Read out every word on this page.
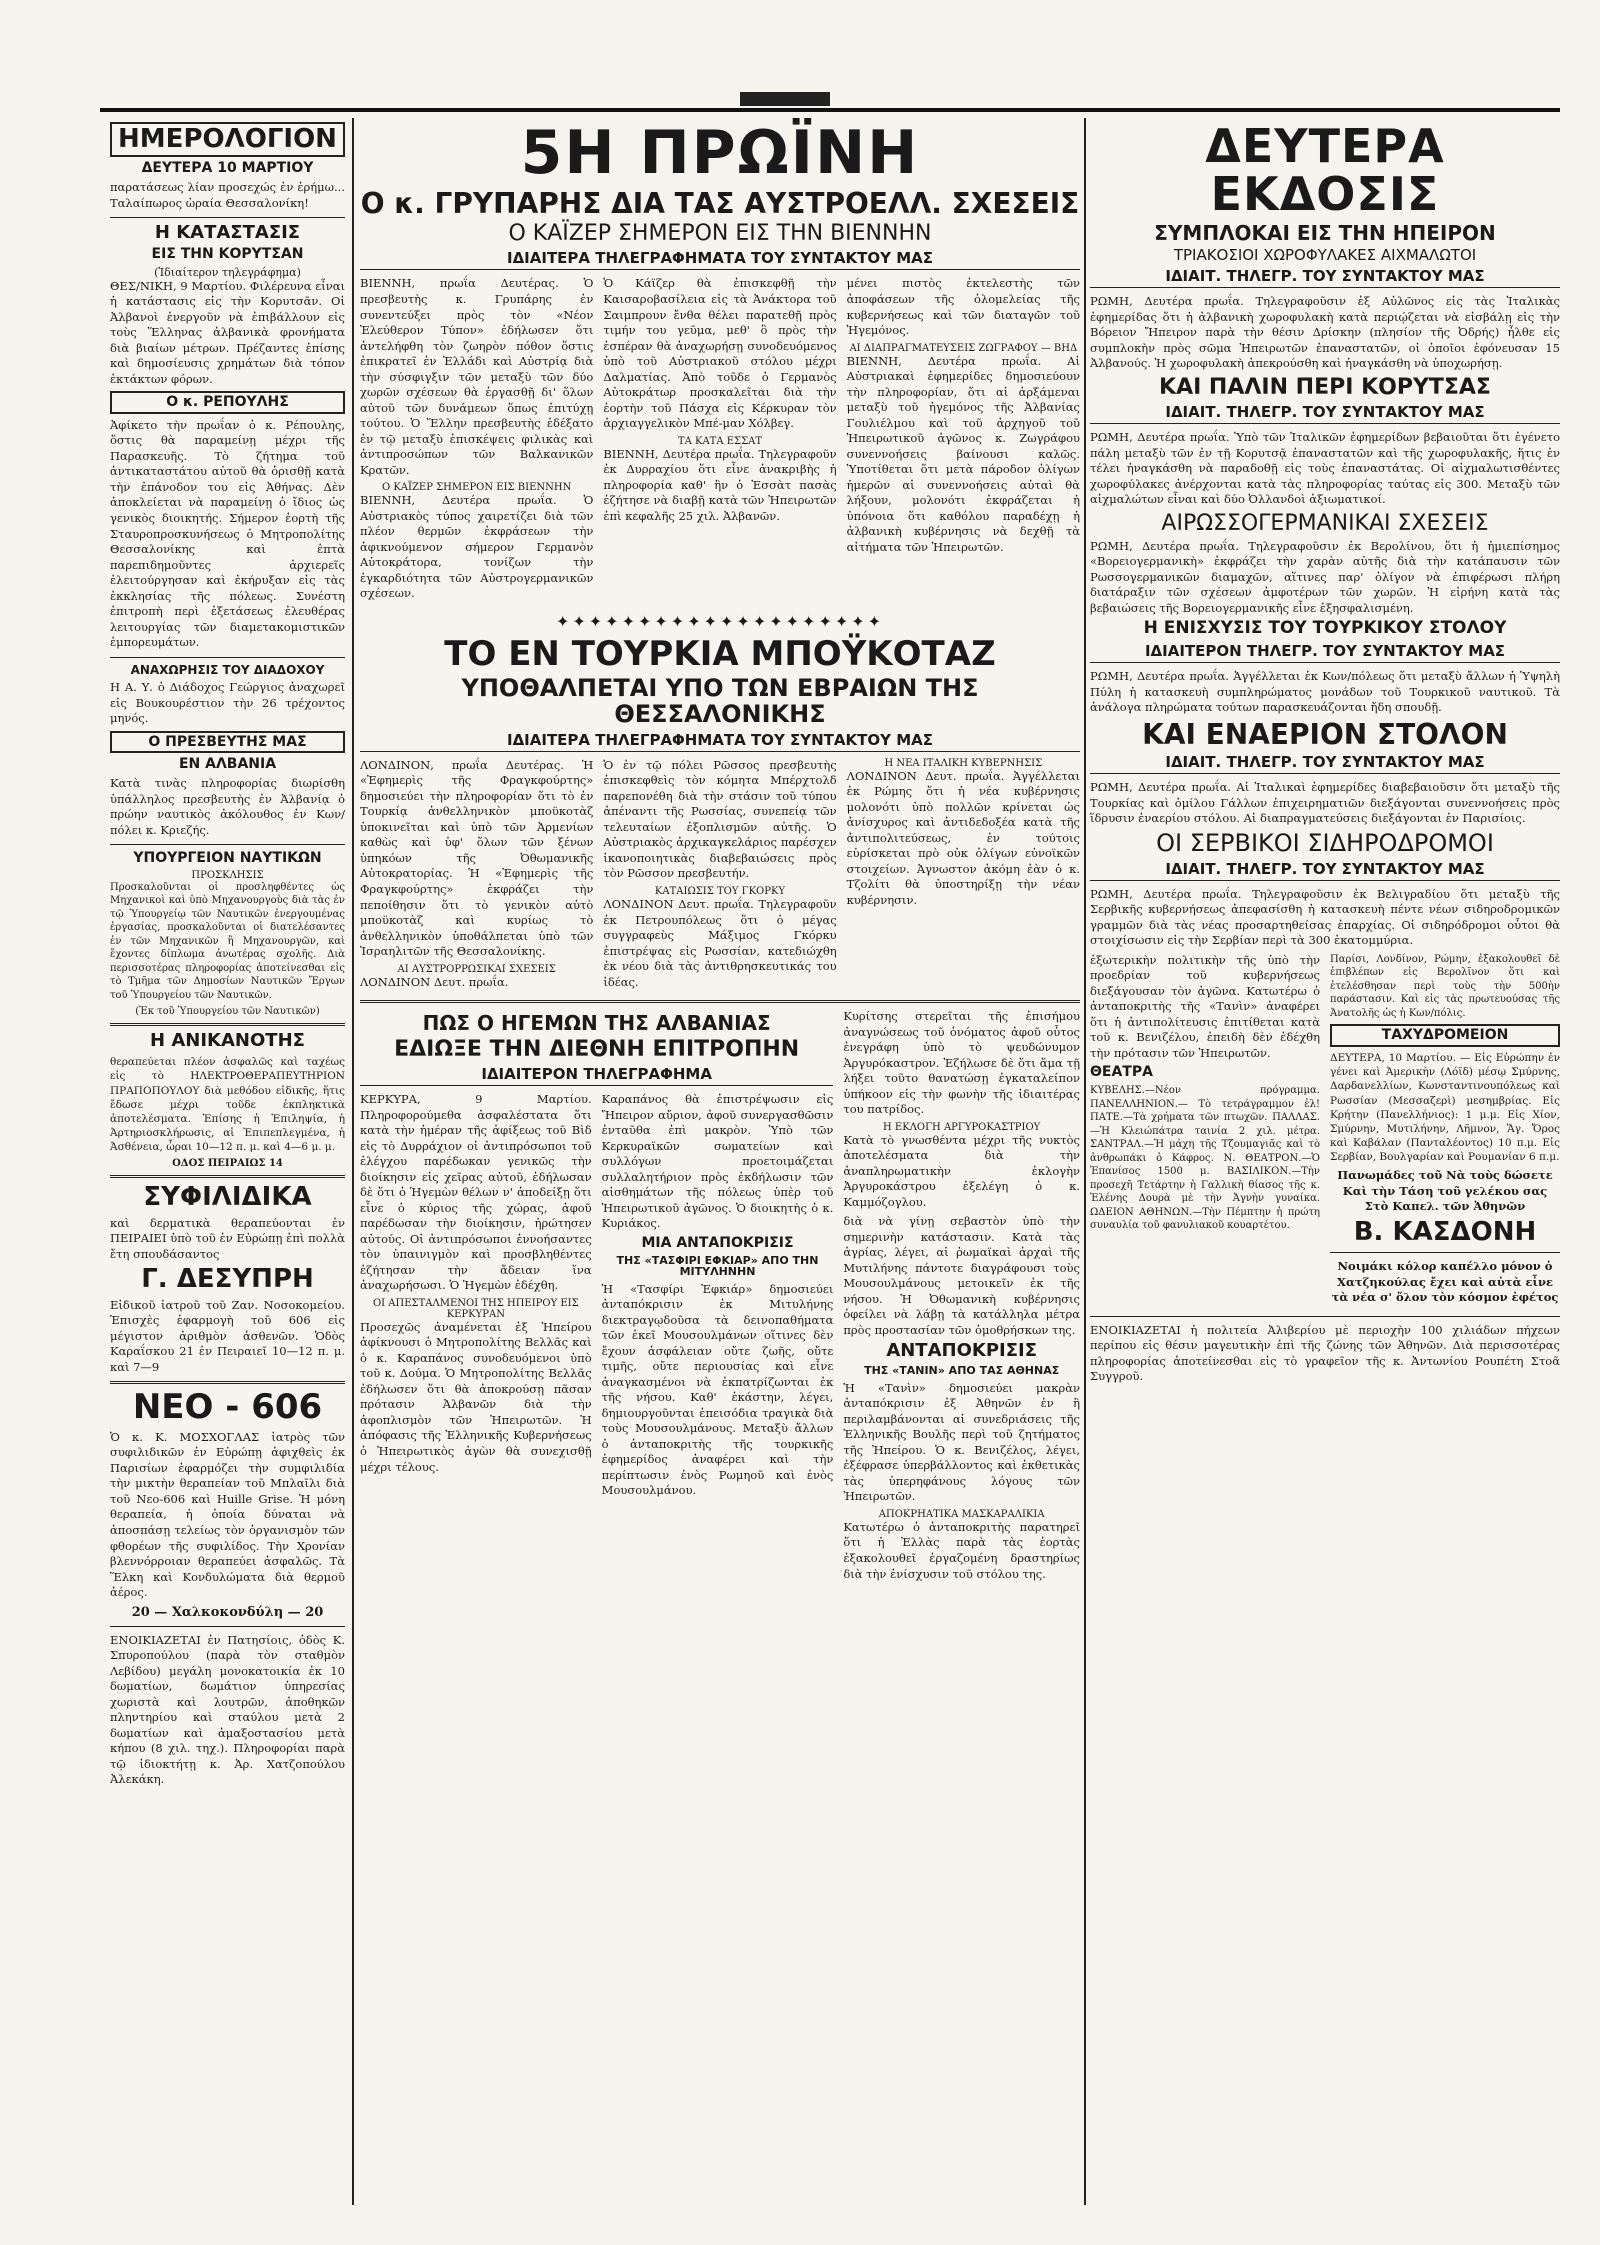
ΗΜΕΡΟΛΟΓΙΟΝ
ΔΕΥΤΕΡΑ 10 ΜΑΡΤΙΟΥ

παρατάσεως λίαν προσεχώς ἐν ἐρήμω... Ταλαίπωρος ὡραία Θεσσαλονίκη!

Η ΚΑΤΑΣΤΑΣΙΣ
ΕΙΣ ΤΗΝ ΚΟΡΥΤΣΑΝ
(Ἰδιαίτερον τηλεγράφημα)

ΘΕΣ/ΝΙΚΗ, 9 Μαρτίου. Φιλέρευνα εἶναι ἡ κατάστασις εἰς τὴν Κορυτσᾶν. Οἱ Ἀλβανοὶ ἐνεργοῦν νὰ ἐπιβάλλουν εἰς τοὺς Ἕλληνας ἀλβανικὰ φρονήματα διὰ βιαίων μέτρων. Πρέζαντες ἐπίσης καὶ δημοσίευσις χρημάτων διὰ τόπον ἐκτάκτων φόρων.

Ο κ. ΡΕΠΟΥΛΗΣ

Ἀφίκετο τὴν πρωΐαν ὁ κ. Ρέπουλης, ὅστις θὰ παραμείνῃ μέχρι τῆς Παρασκευῆς. Τὸ ζήτημα τοῦ ἀντικαταστάτου αὐτοῦ θὰ ὁρισθῇ κατὰ τὴν ἐπάνοδον του εἰς Ἀθήνας. Δὲν ἀποκλείεται νὰ παραμείνῃ ὁ ἴδιος ὡς γενικὸς διοικητής. Σήμερον ἑορτὴ τῆς Σταυροπροσκυνήσεως ὁ Μητροπολίτης Θεσσαλονίκης καὶ ἑπτὰ παρεπιδημοῦντες ἀρχιερεῖς ἐλειτούργησαν καὶ ἐκήρυξαν εἰς τὰς ἐκκλησίας τῆς πόλεως. Συνέστη ἐπιτροπὴ περὶ ἐξετάσεως ἐλευθέρας λειτουργίας τῶν διαμετακομιστικῶν ἐμπορευμάτων.

ΑΝΑΧΩΡΗΣΙΣ ΤΟΥ ΔΙΑΔΟΧΟΥ

Η Α. Υ. ὁ Διάδοχος Γεώργιος ἀναχωρεῖ εἰς Βουκουρέστιον τὴν 26 τρέχοντος μηνός.

Ο ΠΡΕΣΒΕΥΤΗΣ ΜΑΣ
ΕΝ ΑΛΒΑΝΙΑ

Κατὰ τινὰς πληροφορίας διωρίσθη ὑπάλληλος πρεσβευτὴς ἐν Ἀλβανίᾳ ὁ πρώην ναυτικὸς ἀκόλουθος ἐν Κων/πόλει κ. Κριεζής.

ΥΠΟΥΡΓΕΙΟΝ ΝΑΥΤΙΚΩΝ
ΠΡΟΣΚΛΗΣΙΣ

Προσκαλοῦνται οἱ προσληφθέντες ὡς Μηχανικοὶ καὶ ὑπὸ Μηχανουργοὺς διὰ τὰς ἐν τῷ Ὑπουργείῳ τῶν Ναυτικῶν ἐνεργουμένας ἐργασίας, προσκαλοῦνται οἱ διατελέσαντες ἐν τῶν Μηχανικῶν ἢ Μηχανουργῶν, καὶ ἔχοντες δίπλωμα ἀνωτέρας σχολῆς. Διὰ περισσοτέρας πληροφορίας ἀποτείνεσθαι εἰς τὸ Τμῆμα τῶν Δημοσίων Ναυτικῶν Ἔργων τοῦ Ὑπουργείου τῶν Ναυτικῶν.

(Ἐκ τοῦ Ὑπουργείου τῶν Ναυτικῶν)
Η ΑΝΙΚΑΝΟΤΗΣ

θεραπεύεται πλέον ἀσφαλῶς καὶ ταχέως εἰς τὸ ΗΛΕΚΤΡΟΘΕΡΑΠΕΥΤΗΡΙΟΝ ΠΡΑΠΟΠΟΥΛΟΥ διὰ μεθόδου εἰδικῆς, ἥτις ἔδωσε μέχρι τοῦδε ἐκπληκτικὰ ἀποτελέσματα. Ἐπίσης ἡ Ἐπιληψία, ἡ Ἀρτηριοσκλήρωσις, αἱ Ἐπιπεπλεγμένα, ἡ Ἀσθένεια, ὧραι 10—12 π. μ. καὶ 4—6 μ. μ.

ΟΔΟΣ ΠΕΙΡΑΙΩΣ 14
ΣΥΦΙΛΙΔΙΚΑ

καὶ δερματικὰ θεραπεύονται ἐν ΠΕΙΡΑΙΕΙ ὑπὸ τοῦ ἐν Εὐρώπῃ ἐπὶ πολλὰ ἔτη σπουδάσαντος

Γ. ΔΕΣΥΠΡΗ

Εἰδικοῦ ἰατροῦ τοῦ Ζαν. Νοσοκομείου. Ἐπισχὲς ἐφαρμογὴ τοῦ 606 εἰς μέγιστον ἀριθμὸν ἀσθενῶν. Ὁδὸς Καραΐσκου 21 ἐν Πειραιεῖ 10—12 π. μ. καὶ 7—9

ΝΕΟ - 606

Ὁ κ. Κ. ΜΟΣΧΟΓΛΑΣ ἰατρὸς τῶν συφιλιδικῶν ἐν Εὐρώπῃ ἀφιχθεὶς ἐκ Παρισίων ἐφαρμόζει τὴν συμφιλιδία τὴν μικτὴν θεραπείαν τοῦ Μπλαῖλι διὰ τοῦ Νεο-606 καὶ Huille Grise. Ἡ μόνη θεραπεία, ἡ ὁποία δύναται νὰ ἀποσπάσῃ τελείως τὸν ὀργανισμὸν τῶν φθορέων τῆς συφιλίδος. Τὴν Χρονίαν βλεννόρροιαν θεραπεύει ἀσφαλῶς. Τὰ Ἕλκη καὶ Κονδυλώματα διὰ θερμοῦ ἀέρος.

20 — Χαλκοκονδύλη — 20

ΕΝΟΙΚΙΑΖΕΤΑΙ ἐν Πατησίοις, ὁδὸς Κ. Σπυροπούλου (παρὰ τὸν σταθμὸν Λεβίδου) μεγάλη μονοκατοικία ἐκ 10 δωματίων, δωμάτιον ὑπηρεσίας χωριστὰ καὶ λουτρῶν, ἀποθηκῶν πληντηρίου καὶ σταύλου μετὰ 2 δωματίων καὶ ἀμαξοστασίου μετὰ κήπου (8 χιλ. τηχ.). Πληροφορίαι παρὰ τῷ ἰδιοκτήτῃ κ. Ἀρ. Χατζοπούλου Ἀλεκάκη.

5Η ΠΡΩΪΝΗ
Ο κ. ΓΡΥΠΑΡΗΣ ΔΙΑ ΤΑΣ ΑΥΣΤΡΟΕΛΛ. ΣΧΕΣΕΙΣ
Ο ΚΑΪΖΕΡ ΣΗΜΕΡΟΝ ΕΙΣ ΤΗΝ ΒΙΕΝΝΗΝ
ΙΔΙΑΙΤΕΡΑ ΤΗΛΕΓΡΑΦΗΜΑΤΑ ΤΟΥ ΣΥΝΤΑΚΤΟΥ ΜΑΣ

ΒΙΕΝΝΗ, πρωΐα Δευτέρας. Ὁ πρεσβευτὴς κ. Γρυπάρης ἐν συνεντεύξει πρὸς τὸν «Νέον Ἐλεύθερον Τύπον» ἐδήλωσεν ὅτι ἀντελήφθη τὸν ζωηρὸν πόθον ὅστις ἐπικρατεῖ ἐν Ἑλλάδι καὶ Αὐστρίᾳ διὰ τὴν σύσφιγξιν τῶν μεταξὺ τῶν δύο χωρῶν σχέσεων θὰ ἐργασθῇ δι' ὅλων αὐτοῦ τῶν δυνάμεων ὅπως ἐπιτύχῃ τούτου. Ὁ Ἕλλην πρεσβευτὴς ἐδέξατο ἐν τῷ μεταξὺ ἐπισκέψεις φιλικὰς καὶ ἀντιπροσώπων τῶν Βαλκανικῶν Κρατῶν.

Ο ΚΑΪΖΕΡ ΣΗΜΕΡΟΝ ΕΙΣ ΒΙΕΝΝΗΝ

ΒΙΕΝΝΗ, Δευτέρα πρωΐα. Ὁ Αὐστριακὸς τύπος χαιρετίζει διὰ τῶν πλέον θερμῶν ἐκφράσεων τὴν ἀφικνούμενον σήμερον Γερμανὸν Αὐτοκράτορα, τονίζων τὴν ἐγκαρδιότητα τῶν Αὐστρογερμανικῶν σχέσεων.

Ὁ Κάϊζερ θὰ ἐπισκεφθῇ τὴν Καισαροβασίλεια εἰς τὰ Ἀνάκτορα τοῦ Σαιμπρουν ἔνθα θέλει παρατεθῇ πρὸς τιμήν του γεῦμα, μεθ' ὃ πρὸς τὴν ἑσπέραν θὰ ἀναχωρήσῃ συνοδευόμενος ὑπὸ τοῦ Αὐστριακοῦ στόλου μέχρι Δαλματίας. Ἀπὸ τοῦδε ὁ Γερμανὸς Αὐτοκράτωρ προσκαλεῖται διὰ τὴν ἑορτὴν τοῦ Πάσχα εἰς Κέρκυραν τὸν ἀρχιαγγελικὸν Μπέ-μαν Χόλβεγ.

ΤΑ ΚΑΤΑ ΕΣΣΑΤ

ΒΙΕΝΝΗ, Δευτέρα πρωΐα. Τηλεγραφοῦν ἐκ Δυρραχίου ὅτι εἶνε ἀνακριβὴς ἡ πληροφορία καθ' ἣν ὁ Ἐσσὰτ πασὰς ἐζήτησε νὰ διαβῇ κατὰ τῶν Ἠπειρωτῶν ἐπὶ κεφαλῆς 25 χιλ. Ἀλβανῶν.

μένει πιστὸς ἐκτελεστὴς τῶν ἀποφάσεων τῆς ὁλομελείας τῆς κυβερνήσεως καὶ τῶν διαταγῶν τοῦ Ἡγεμόνος.

ΑΙ ΔΙΑΠΡΑΓΜΑΤΕΥΣΕΙΣ ΖΩΓΡΑΦΟΥ — ΒΗΔ

ΒΙΕΝΝΗ, Δευτέρα πρωΐα. Αἱ Αὐστριακαὶ ἐφημερίδες δημοσιεύουν τὴν πληροφορίαν, ὅτι αἱ ἀρξάμεναι μεταξὺ τοῦ ἡγεμόνος τῆς Ἀλβανίας Γουλιέλμου καὶ τοῦ ἀρχηγοῦ τοῦ Ἠπειρωτικοῦ ἀγῶνος κ. Ζωγράφου συνεννοήσεις βαίνουσι καλῶς. Ὑποτίθεται ὅτι μετὰ πάροδον ὀλίγων ἡμερῶν αἱ συνεννοήσεις αὐταὶ θὰ λήξουν, μολονότι ἐκφράζεται ἡ ὑπόνοια ὅτι καθόλου παραδέχῃ ἡ ἀλβανικὴ κυβέρνησις νὰ δεχθῇ τὰ αἰτήματα τῶν Ἠπειρωτῶν.

✦✦✦✦✦✦✦✦✦✦✦✦✦✦✦✦✦✦✦✦
ΤΟ ΕΝ ΤΟΥΡΚΙΑ ΜΠΟΫΚΟΤΑΖ
ΥΠΟΘΑΛΠΕΤΑΙ ΥΠΟ ΤΩΝ ΕΒΡΑΙΩΝ ΤΗΣ ΘΕΣΣΑΛΟΝΙΚΗΣ
ΙΔΙΑΙΤΕΡΑ ΤΗΛΕΓΡΑΦΗΜΑΤΑ ΤΟΥ ΣΥΝΤΑΚΤΟΥ ΜΑΣ

ΛΟΝΔΙΝΟΝ, πρωΐα Δευτέρας. Ἡ «Ἐφημερὶς τῆς Φραγκφούρτης» δημοσιεύει τὴν πληροφορίαν ὅτι τὸ ἐν Τουρκίᾳ ἀνθελληνικὸν μποϋκοτὰζ ὑποκινεῖται καὶ ὑπὸ τῶν Ἀρμενίων καθὼς καὶ ὑφ' ὅλων τῶν ξένων ὑπηκόων τῆς Ὀθωμανικῆς Αὐτοκρατορίας. Ἡ «Ἐφημερὶς τῆς Φραγκφούρτης» ἐκφράζει τὴν πεποίθησιν ὅτι τὸ γενικὸν αὐτὸ μποϋκοτὰζ καὶ κυρίως τὸ ἀνθελληνικὸν ὑποθάλπεται ὑπὸ τῶν Ἰσραηλιτῶν τῆς Θεσσαλονίκης.

ΑΙ ΑΥΣΤΡΟΡΡΩΣΙΚΑΙ ΣΧΕΣΕΙΣ

ΛΟΝΔΙΝΟΝ Δευτ. πρωΐα.

Ὁ ἐν τῷ πόλει Ρῶσσος πρεσβευτὴς ἐπισκεφθεὶς τὸν κόμητα Μπέρχτολδ παρεπονέθη διὰ τὴν στάσιν τοῦ τύπου ἀπέναντι τῆς Ρωσσίας, συνεπείᾳ τῶν τελευταίων ἐξοπλισμῶν αὐτῆς. Ὁ Αὐστριακὸς ἀρχικαγκελάριος παρέσχεν ἱκανοποιητικὰς διαβεβαιώσεις πρὸς τὸν Ρῶσσον πρεσβευτήν.

ΚΑΤΑΙΩΣΙΣ ΤΟΥ ΓΚΟΡΚΥ

ΛΟΝΔΙΝΟΝ Δευτ. πρωΐα. Τηλεγραφοῦν ἐκ Πετρουπόλεως ὅτι ὁ μέγας συγγραφεὺς Μάξιμος Γκόρκυ ἐπιστρέψας εἰς Ρωσσίαν, κατεδιώχθη ἐκ νέου διὰ τὰς ἀντιθρησκευτικάς του ἰδέας.

Η ΝΕΑ ΙΤΑΛΙΚΗ ΚΥΒΕΡΝΗΣΙΣ

ΛΟΝΔΙΝΟΝ Δευτ. πρωΐα. Ἀγγέλλεται ἐκ Ρώμης ὅτι ἡ νέα κυβέρνησις μολονότι ὑπὸ πολλῶν κρίνεται ὡς ἀνίσχυρος καὶ ἀντιδεδοξέα κατὰ τῆς ἀντιπολιτεύσεως, ἐν τούτοις εὑρίσκεται πρὸ οὐκ ὀλίγων εὐνοϊκῶν στοιχείων. Ἀγνωστον ἀκόμη ἐὰν ὁ κ. Τζολίτι θὰ ὑποστηρίξῃ τὴν νέαν κυβέρνησιν.

ΠΩΣ Ο ΗΓΕΜΩΝ ΤΗΣ ΑΛΒΑΝΙΑΣ
ΕΔΙΩΞΕ ΤΗΝ ΔΙΕΘΝΗ ΕΠΙΤΡΟΠΗΝ
ΙΔΙΑΙΤΕΡΟΝ ΤΗΛΕΓΡΑΦΗΜΑ

ΚΕΡΚΥΡΑ, 9 Μαρτίου. Πληροφορούμεθα ἀσφαλέστατα ὅτι κατὰ τὴν ἡμέραν τῆς ἀφίξεως τοῦ Βὶδ εἰς τὸ Δυρράχιον οἱ ἀντιπρόσωποι τοῦ ἐλέγχου παρέδωκαν γενικῶς τὴν διοίκησιν εἰς χεῖρας αὐτοῦ, ἐδήλωσαν δὲ ὅτι ὁ Ἡγεμὼν θέλων ν' ἀποδείξῃ ὅτι εἶνε ὁ κύριος τῆς χώρας, ἀφοῦ παρέδωσαν τὴν διοίκησιν, ἠρώτησεν αὐτούς. Οἱ ἀντιπρόσωποι ἐννοήσαντες τὸν ὑπαινιγμὸν καὶ προσβληθέντες ἐζήτησαν τὴν ἄδειαν ἵνα ἀναχωρήσωσι. Ὁ Ἡγεμὼν ἐδέχθη.

ΟΙ ΑΠΕΣΤΑΛΜΕΝΟΙ ΤΗΣ ΗΠΕΙΡΟΥ ΕΙΣ ΚΕΡΚΥΡΑΝ

Προσεχῶς ἀναμένεται ἐξ Ἠπείρου ἀφίκνουσι ὁ Μητροπολίτης Βελλᾶς καὶ ὁ κ. Καραπάνος συνοδευόμενοι ὑπὸ τοῦ κ. Δούμα. Ὁ Μητροπολίτης Βελλᾶς ἐδήλωσεν ὅτι θὰ ἀποκρούσῃ πᾶσαν πρότασιν Ἀλβανῶν διὰ τὴν ἀφοπλισμὸν τῶν Ἠπειρωτῶν. Ἡ ἀπόφασις τῆς Ἑλληνικῆς Κυβερνήσεως ὁ Ἠπειρωτικὸς ἀγὼν θὰ συνεχισθῇ μέχρι τέλους.

Καραπάνος θὰ ἐπιστρέψωσιν εἰς Ἤπειρον αὔριον, ἀφοῦ συνεργασθῶσιν ἐνταῦθα ἐπὶ μακρὸν. Ὑπὸ τῶν Κερκυραϊκῶν σωματείων καὶ συλλόγων προετοιμάζεται συλλαλητήριον πρὸς ἐκδήλωσιν τῶν αἰσθημάτων τῆς πόλεως ὑπὲρ τοῦ Ἠπειρωτικοῦ ἀγῶνος. Ὁ διοικητὴς ὁ κ. Κυριάκος.

ΜΙΑ ΑΝΤΑΠΟΚΡΙΣΙΣ
ΤΗΣ «ΤΑΣΦΙΡΙ ΕΦΚΙΑΡ» ΑΠΟ ΤΗΝ ΜΙΤΥΛΗΝΗΝ

Ἡ «Τασφίρι Ἐφκιάρ» δημοσιεύει ἀνταπόκρισιν ἐκ Μιτυλήνης διεκτραγῳδοῦσα τὰ δεινοπαθήματα τῶν ἐκεῖ Μουσουλμάνων οἵτινες δὲν ἔχουν ἀσφάλειαν οὔτε ζωῆς, οὔτε τιμῆς, οὔτε περιουσίας καὶ εἶνε ἀναγκασμένοι νὰ ἐκπατρίζωνται ἐκ τῆς νήσου. Καθ' ἑκάστην, λέγει, δημιουργοῦνται ἐπεισόδια τραγικὰ διὰ τοὺς Μουσουλμάνους. Μεταξὺ ἄλλων ὁ ἀνταποκριτὴς τῆς τουρκικῆς ἐφημερίδος ἀναφέρει καὶ τὴν περίπτωσιν ἐνὸς Ρωμηοῦ καὶ ἑνὸς Μουσουλμάνου.

Κυρίτσης στερεῖται τῆς ἐπισήμου ἀναγνώσεως τοῦ ὀνόματος ἀφοῦ οὗτος ἐνεγράφη ὑπὸ τὸ ψευδώνυμον Ἀργυρόκαστρον. Ἐζήλωσε δὲ ὅτι ἅμα τῇ λήξει τοῦτο θανατώσῃ ἐγκαταλείπον ὑπήκοον εἰς τὴν φωνὴν τῆς ἰδιαιτέρας του πατρίδος.

Η ΕΚΛΟΓΗ ΑΡΓΥΡΟΚΑΣΤΡΙΟΥ

Κατὰ τὸ γνωσθέντα μέχρι τῆς νυκτὸς ἀποτελέσματα διὰ τὴν ἀναπληρωματικὴν ἐκλογὴν Ἀργυροκάστρου ἐξελέγη ὁ κ. Καμμόζογλου.

διὰ νὰ γίνῃ σεβαστὸν ὑπὸ τὴν σημερινὴν κατάστασιν. Κατὰ τὰς ἀγρίας, λέγει, αἱ ῥωμαϊκαὶ ἀρχαὶ τῆς Μυτιλήνης πάντοτε διαγράφουσι τοὺς Μουσουλμάνους μετοικεῖν ἐκ τῆς νήσου. Ἡ Ὀθωμανικὴ κυβέρνησις ὀφείλει νὰ λάβῃ τὰ κατάλληλα μέτρα πρὸς προστασίαν τῶν ὁμοθρήσκων της.

ΑΝΤΑΠΟΚΡΙΣΙΣ
ΤΗΣ «ΤΑΝΙΝ» ΑΠΟ ΤΑΣ ΑΘΗΝΑΣ

Ἡ «Τανὶν» δημοσιεύει μακρὰν ἀνταπόκρισιν ἐξ Ἀθηνῶν ἐν ἣ περιλαμβάνονται αἱ συνεδριάσεις τῆς Ἑλληνικῆς Βουλῆς περὶ τοῦ ζητήματος τῆς Ἠπείρου. Ὁ κ. Βενιζέλος, λέγει, ἐξέφρασε ὑπερβάλλοντος καὶ ἐκθετικὰς τὰς ὑπερηφάνους λόγους τῶν Ἠπειρωτῶν.

ΑΠΟΚΡΗΑΤΙΚΑ ΜΑΣΚΑΡΑΛΙΚΙΑ

Κατωτέρω ὁ ἀνταποκριτὴς παρατηρεῖ ὅτι ἡ Ἑλλὰς παρὰ τὰς ἑορτὰς ἐξακολουθεῖ ἐργαζομένη δραστηρίως διὰ τὴν ἐνίσχυσιν τοῦ στόλου της.

ΔΕΥΤΕΡΑ ΕΚΔΟΣΙΣ
ΣΥΜΠΛΟΚΑΙ ΕΙΣ ΤΗΝ ΗΠΕΙΡΟΝ
ΤΡΙΑΚΟΣΙΟΙ ΧΩΡΟΦΥΛΑΚΕΣ ΑΙΧΜΑΛΩΤΟΙ
ΙΔΙΑΙΤ. ΤΗΛΕΓΡ. ΤΟΥ ΣΥΝΤΑΚΤΟΥ ΜΑΣ

ΡΩΜΗ, Δευτέρα πρωΐα. Τηλεγραφοῦσιν ἐξ Αὐλῶνος εἰς τὰς Ἰταλικὰς ἐφημερίδας ὅτι ἡ ἀλβανικὴ χωροφυλακὴ κατὰ περιῴζεται νὰ εἰσβάλῃ εἰς τὴν Βόρειον Ἤπειρον παρὰ τὴν θέσιν Δρίσκην (πλησίον τῆς Ὀδρής) ἦλθε εἰς συμπλοκὴν πρὸς σῶμα Ἠπειρωτῶν ἐπαναστατῶν, οἱ ὁποῖοι ἐφόνευσαν 15 Ἀλβανούς. Ἡ χωροφυλακὴ ἀπεκρούσθη καὶ ἠναγκάσθη νὰ ὑποχωρήσῃ.

ΚΑΙ ΠΑΛΙΝ ΠΕΡΙ ΚΟΡΥΤΣΑΣ
ΙΔΙΑΙΤ. ΤΗΛΕΓΡ. ΤΟΥ ΣΥΝΤΑΚΤΟΥ ΜΑΣ

ΡΩΜΗ, Δευτέρα πρωΐα. Ὑπὸ τῶν Ἰταλικῶν ἐφημερίδων βεβαιοῦται ὅτι ἐγένετο πάλη μεταξὺ τῶν ἐν τῇ Κορυτσᾷ ἐπαναστατῶν καὶ τῆς χωροφυλακῆς, ἥτις ἐν τέλει ἠναγκάσθη νὰ παραδοθῇ εἰς τοὺς ἐπαναστάτας. Οἱ αἰχμαλωτισθέντες χωροφύλακες ἀνέρχονται κατὰ τὰς πληροφορίας ταύτας εἰς 300. Μεταξὺ τῶν αἰχμαλώτων εἶναι καὶ δύο Ὀλλανδοὶ ἀξιωματικοί.

ΑΙΡΩΣΣΟΓΕΡΜΑΝΙΚΑΙ ΣΧΕΣΕΙΣ

ΡΩΜΗ, Δευτέρα πρωΐα. Τηλεγραφοῦσιν ἐκ Βερολίνου, ὅτι ἡ ἡμιεπίσημος «Βορειογερμανικὴ» ἐκφράζει τὴν χαρὰν αὐτῆς διὰ τὴν κατάπαυσιν τῶν Ρωσσογερμανικῶν διαμαχῶν, αἵτινες παρ' ὀλίγον νὰ ἐπιφέρωσι πλήρη διατάραξιν τῶν σχέσεων ἀμφοτέρων τῶν χωρῶν. Ἡ εἰρήνη κατὰ τὰς βεβαιώσεις τῆς Βορειογερμανικῆς εἶνε ἐξησφαλισμένη.

Η ΕΝΙΣΧΥΣΙΣ ΤΟΥ ΤΟΥΡΚΙΚΟΥ ΣΤΟΛΟΥ
ΙΔΙΑΙΤΕΡΟΝ ΤΗΛΕΓΡ. ΤΟΥ ΣΥΝΤΑΚΤΟΥ ΜΑΣ

ΡΩΜΗ, Δευτέρα πρωΐα. Ἀγγέλλεται ἐκ Κων/πόλεως ὅτι μεταξὺ ἄλλων ἡ Ὑψηλὴ Πύλη ἡ κατασκευὴ συμπληρώματος μονάδων τοῦ Τουρκικοῦ ναυτικοῦ. Τὰ ἀνάλογα πληρώματα τούτων παρασκευάζονται ἤδη σπουδῇ.

ΚΑΙ ΕΝΑΕΡΙΟΝ ΣΤΟΛΟΝ
ΙΔΙΑΙΤ. ΤΗΛΕΓΡ. ΤΟΥ ΣΥΝΤΑΚΤΟΥ ΜΑΣ

ΡΩΜΗ, Δευτέρα πρωΐα. Αἱ Ἰταλικαὶ ἐφημερίδες διαβεβαιοῦσιν ὅτι μεταξὺ τῆς Τουρκίας καὶ ὁμίλου Γάλλων ἐπιχειρηματιῶν διεξάγονται συνεννοήσεις πρὸς ἵδρυσιν ἐναερίου στόλου. Αἱ διαπραγματεύσεις διεξάγονται ἐν Παρισίοις.

ΟΙ ΣΕΡΒΙΚΟΙ ΣΙΔΗΡΟΔΡΟΜΟΙ
ΙΔΙΑΙΤ. ΤΗΛΕΓΡ. ΤΟΥ ΣΥΝΤΑΚΤΟΥ ΜΑΣ

ΡΩΜΗ, Δευτέρα πρωΐα. Τηλεγραφοῦσιν ἐκ Βελιγραδίου ὅτι μεταξὺ τῆς Σερβικῆς κυβερνήσεως ἀπεφασίσθη ἡ κατασκευὴ πέντε νέων σιδηροδρομικῶν γραμμῶν διὰ τὰς νέας προσαρτηθείσας ἐπαρχίας. Οἱ σιδηρόδρομοι οὗτοι θὰ στοιχίσωσιν εἰς τὴν Σερβίαν περὶ τὰ 300 ἑκατομμύρια.

ἐξωτερικὴν πολιτικὴν τῆς ὑπὸ τὴν προεδρίαν τοῦ κυβερνήσεως διεξάγουσαν τὸν ἀγῶνα. Κατωτέρω ὁ ἀνταποκριτὴς τῆς «Τανὶν» ἀναφέρει ὅτι ἡ ἀντιπολίτευσις ἐπιτίθεται κατὰ τοῦ κ. Βενιζέλου, ἐπειδὴ δὲν ἐδέχθη τὴν πρότασιν τῶν Ἠπειρωτῶν.

ΘΕΑΤΡΑ

ΚΥΒΕΛΗΣ.—Νέον πρόγραμμα. ΠΑΝΕΛΛΗΝΙΟΝ.— Τὸ τετράγραμμον ἐλ! ΠΑΤΕ.—Τὰ χρήματα τῶν πτωχῶν. ΠΑΛΛΑΣ.—Ἡ Κλειώπάτρα ταινία 2 χιλ. μέτρα. ΣΑΝΤΡΑΛ.—Ἡ μάχη τῆς Τζουμαγιᾶς καὶ τὸ ἀνθρωπάκι ὁ Κάφρος. Ν. ΘΕΑΤΡΟΝ.—Ὁ Ἐπανίσος 1500 μ. ΒΑΣΙΛΙΚΟΝ.—Τὴν προσεχῆ Τετάρτην ἡ Γαλλικὴ θίασος τῆς κ. Ἐλένης Δουρὰ μὲ τὴν Ἀγνὴν γυναίκα. ΩΔΕΙΟΝ ΑΘΗΝΩΝ.—Τὴν Πέμπτην ἡ πρώτη συναυλία τοῦ φανυλιακοῦ κουαρτέτου.

Παρίσι, Λονδίνον, Ρώμην, ἐξακολουθεῖ δὲ ἐπιβλέπων εἰς Βερολῖνον ὅτι καὶ ἐτελέσθησαν περὶ τοὺς τὴν 500ὴν παράστασιν. Καὶ εἰς τὰς πρωτευούσας τῆς Ἀνατολῆς ὡς ἡ Κων/πόλις.

ΤΑΧΥΔΡΟΜΕΙΟΝ

ΔΕΥΤΕΡΑ, 10 Μαρτίου. — Εἰς Εὐρώπην ἐν γένει καὶ Ἀμερικὴν (Λόϊδ) μέσῳ Σμύρνης, Δαρδανελλίων, Κωνσταντινουπόλεως καὶ Ρωσσίαν (Μεσσαζερὶ) μεσημβρίας. Εἰς Κρήτην (Πανελλήνιος): 1 μ.μ. Εἰς Χίον, Σμύρνην, Μυτιλήνην, Λῆμνον, Ἅγ. Ὄρος καὶ Καβάλαν (Πανταλέοντος) 10 π.μ. Εἰς Σερβίαν, Βουλγαρίαν καὶ Ρουμανίαν 6 π.μ.

Πανωμάδες τοῦ Νὰ τοὺς δώσετε Καὶ τὴν Τάση τοῦ γελέκου σας Στὸ Καπελ. τῶν Ἀθηνῶν

Β. ΚΑΣΔΟΝΗ

Νοιμάκι κόλορ καπέλλο μόνον ὁ Χατζηκούλας ἔχει καὶ αὐτὰ εἶνε τὰ νέα σ' ὅλον τὸν κόσμον ἐφέτος

ΕΝΟΙΚΙΑΖΕΤΑΙ ἡ πολιτεία Ἀλιβερίου μὲ περιοχὴν 100 χιλιάδων πήχεων περίπου εἰς θέσιν μαγευτικὴν ἐπὶ τῆς ζώνης τῶν Ἀθηνῶν. Διὰ περισσοτέρας πληροφορίας ἀποτείνεσθαι εἰς τὸ γραφεῖον τῆς κ. Ἀντωνίου Ρουπέτη Στοᾶ Συγγροῦ.
